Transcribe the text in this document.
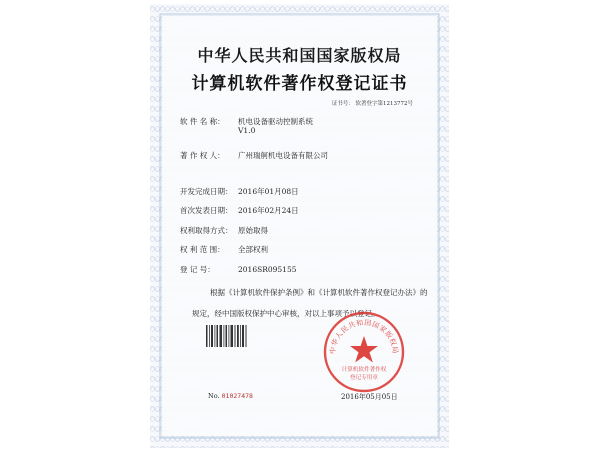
中华人民共和国国家版权局
计算机软件著作权登记证书
证书号： 软著登字第1213772号
软 件 名 称： 机电设备驱动控制系统
V1.0
著 作 权 人： 广州瑞舸机电设备有限公司
开发完成日期： 2016年01月08日
首次发表日期： 2016年02月24日
权利取得方式： 原始取得
权 利 范 围： 全部权利
登 记 号：	2016SR095155
根据《计算机软件保护条例》和《计算机软件著作权登记办法》的
规定，经中国版权保护中心审核，对以上事项予以登记。
No. 01027478
中华人民共和国国家版权局
计算机软件著作权
登记专用章
2016年05月05日
